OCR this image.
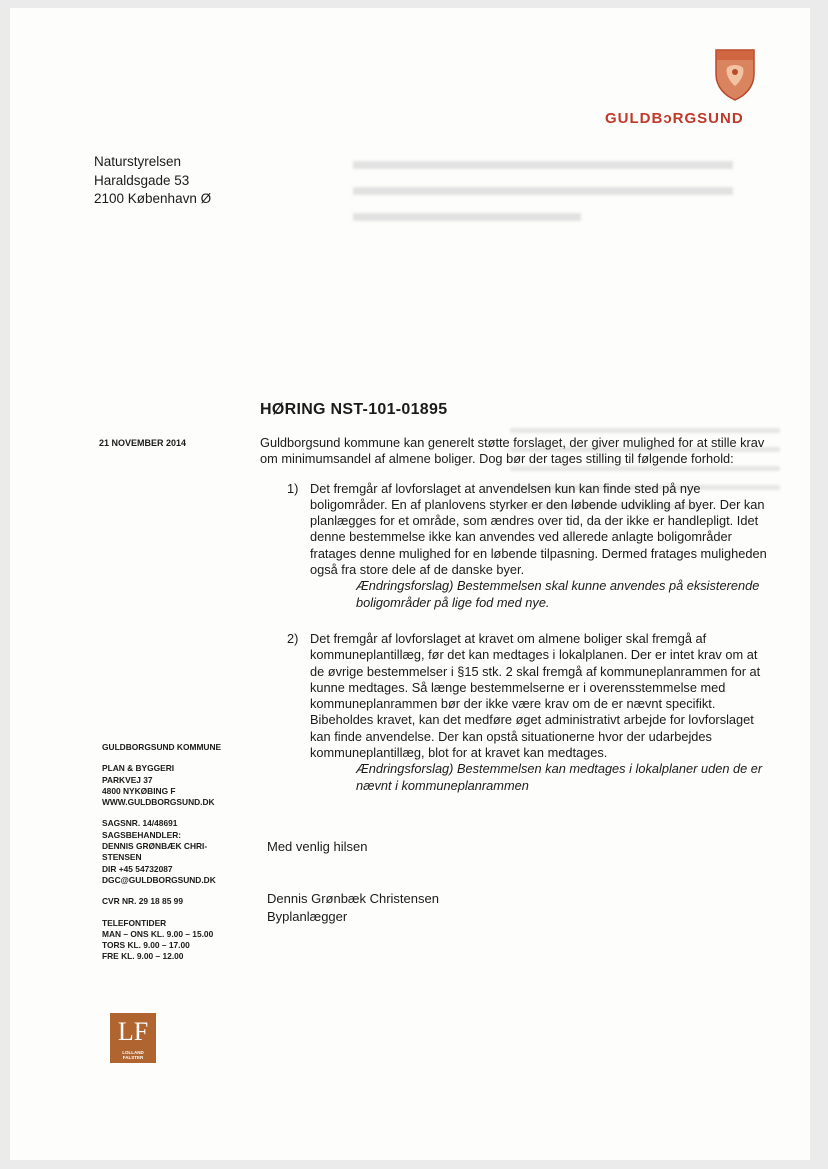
GULDBɔRGSUND
Naturstyrelsen
Haraldsgade 53
2100 København Ø
HØRING NST-101-01895
21 NOVEMBER 2014	Guldborgsund kommune kan generelt støtte forslaget, der giver mulighed for at stille krav om minimumsandel af almene boliger. Dog bør der tages stilling til følgende forhold:

1) Det fremgår af lovforslaget at anvendelsen kun kan finde sted på nye boligområder. En af planlovens styrker er den løbende udvikling af byer. Der kan planlægges for et område, som ændres over tid, da der ikke er handlepligt. Idet denne bestemmelse ikke kan anvendes ved allerede anlagte boligområder fratages denne mulighed for en løbende tilpasning. Dermed fratages muligheden også fra store dele af de danske byer.

Ændringsforslag) Bestemmelsen skal kunne anvendes på eksisterende boligområder på lige fod med nye.

2) Det fremgår af lovforslaget at kravet om almene boliger skal fremgå af kommuneplantillæg, før det kan medtages i lokalplanen. Der er intet krav om at de øvrige bestemmelser i §15 stk. 2 skal fremgå af kommuneplanrammen for at kunne medtages. Så længe bestemmelserne er i overensstemmelse med kommuneplanrammen bør der ikke være krav om de er nævnt specifikt. Bibeholdes kravet, kan det medføre øget administrativt arbejde for lovforslaget kan finde anvendelse. Der kan opstå situationerne hvor der udarbejdes kommuneplantillæg, blot for at kravet kan medtages.

Ændringsforslag) Bestemmelsen kan medtages i lokalplaner uden de er nævnt i kommuneplanrammen

GULDBORGSUND KOMMUNE
PLAN & BYGGERI
PARKVEJ 37
4800 NYKØBING F
WWW.GULDBORGSUND.DK
SAGSNR. 14/48691
SAGSBEHANDLER:
DENNIS GRØNBÆK CHRI-
STENSEN
DIR +45 54732087
DGC@GULDBORGSUND.DK
CVR NR. 29 18 85 99
TELEFONTIDER
MAN – ONS KL. 9.00 – 15.00
TORS KL. 9.00 – 17.00
FRE KL. 9.00 – 12.00
Med venlig hilsen
Dennis Grønbæk Christensen
Byplanlægger
LF
LOLLAND
FALSTER
